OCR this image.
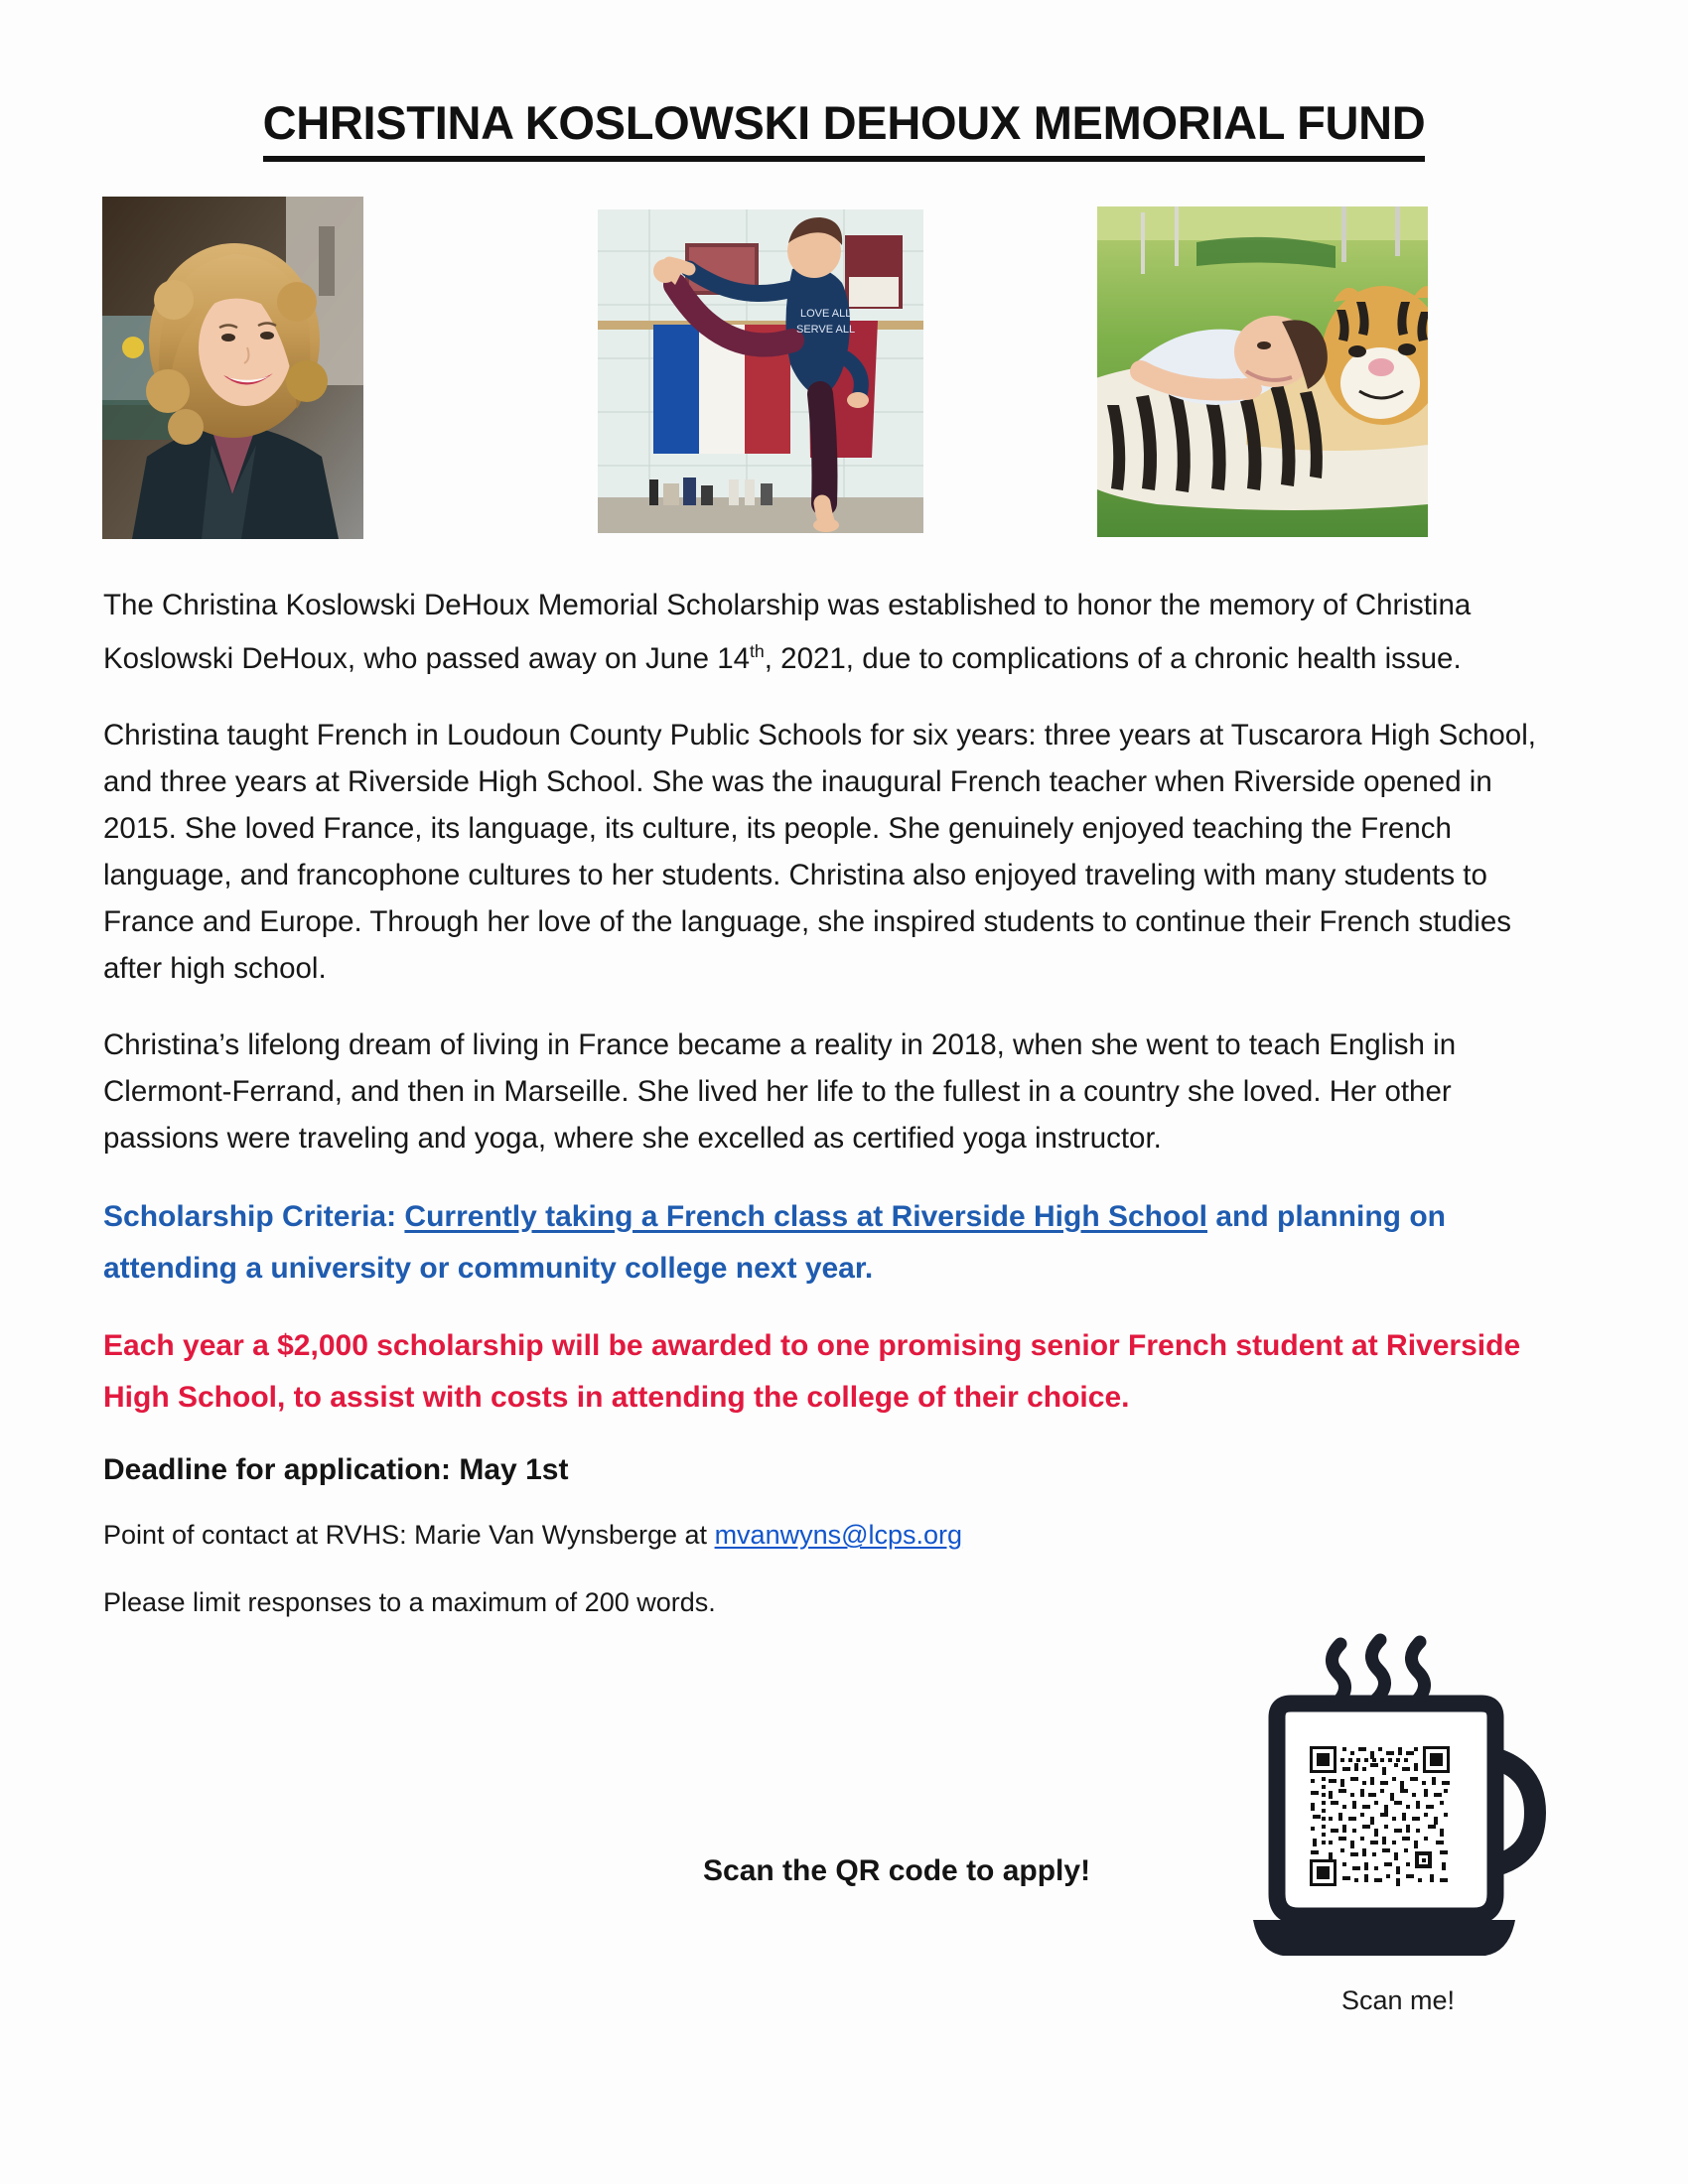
CHRISTINA KOSLOWSKI DEHOUX MEMORIAL FUND
LOVE ALL
SERVE ALL

The Christina Koslowski DeHoux Memorial Scholarship was established to honor the memory of Christina Koslowski DeHoux, who passed away on June 14th, 2021, due to complications of a chronic health issue.

Christina taught French in Loudoun County Public Schools for six years: three years at Tuscarora High School, and three years at Riverside High School. She was the inaugural French teacher when Riverside opened in 2015. She loved France, its language, its culture, its people. She genuinely enjoyed teaching the French language, and francophone cultures to her students. Christina also enjoyed traveling with many students to France and Europe. Through her love of the language, she inspired students to continue their French studies after high school.

Christina’s lifelong dream of living in France became a reality in 2018, when she went to teach English in Clermont-Ferrand, and then in Marseille. She lived her life to the fullest in a country she loved. Her other passions were traveling and yoga, where she excelled as certified yoga instructor.

Scholarship Criteria: Currently taking a French class at Riverside High School and planning on attending a university or community college next year.

Each year a $2,000 scholarship will be awarded to one promising senior French student at Riverside High School, to assist with costs in attending the college of their choice.

Deadline for application: May 1st

Point of contact at RVHS: Marie Van Wynsberge at mvanwyns@lcps.org

Please limit responses to a maximum of 200 words.

Scan the QR code to apply!
Scan me!
